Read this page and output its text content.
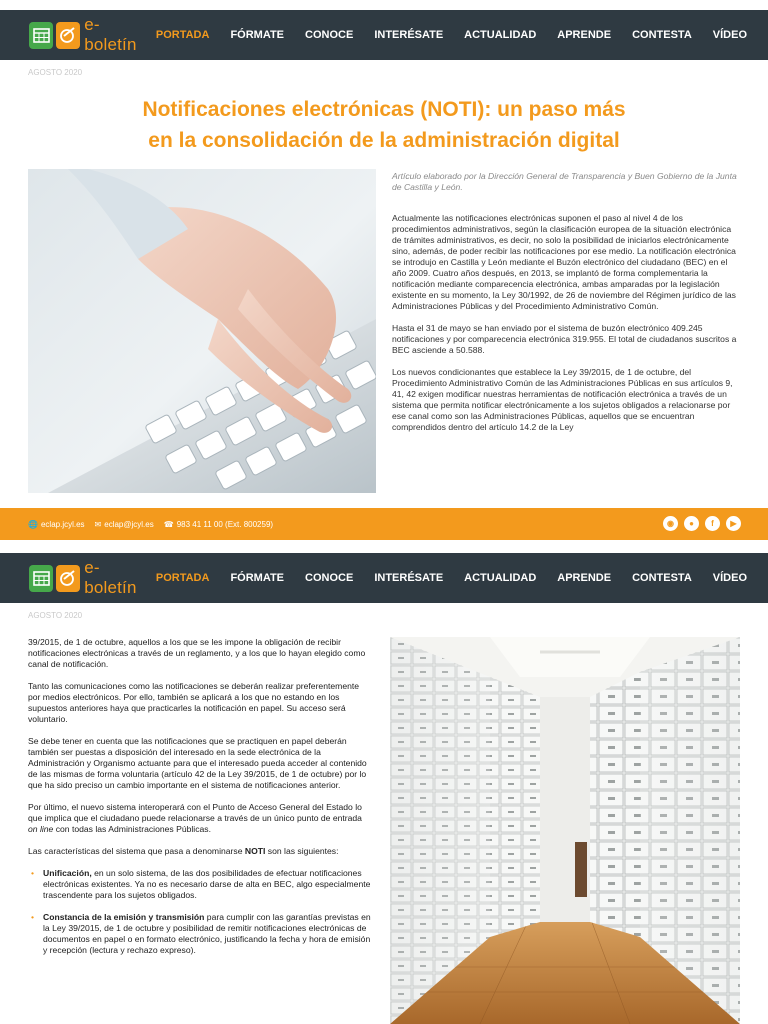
e-boletín	PORTADA FÓRMATE CONOCE INTERÉSATE ACTUALIDAD APRENDE CONTESTA VÍDEO
AGOSTO 2020
Notificaciones electrónicas (NOTI): un paso más
en la consolidación de la administración digital

Artículo elaborado por la Dirección General de Transparencia y Buen Gobierno de la Junta de Castilla y León.

Actualmente las notificaciones electrónicas suponen el paso al nivel 4 de los procedimientos administrativos, según la clasificación europea de la situación electrónica de trámites administrativos, es decir, no solo la posibilidad de iniciarlos electrónicamente sino, además, de poder recibir las notificaciones por ese medio. La notificación electrónica se introdujo en Castilla y León mediante el Buzón electrónico del ciudadano (BEC) en el año 2009. Cuatro años después, en 2013, se implantó de forma complementaria la notificación mediante comparecencia electrónica, ambas amparadas por la legislación existente en su momento, la Ley 30/1992, de 26 de noviembre del Régimen jurídico de las Administraciones Públicas y del Procedimiento Administrativo Común.

Hasta el 31 de mayo se han enviado por el sistema de buzón electrónico 409.245 notificaciones y por comparecencia electrónica 319.955. El total de ciudadanos suscritos a BEC asciende a 50.588.

Los nuevos condicionantes que establece la Ley 39/2015, de 1 de octubre, del Procedimiento Administrativo Común de las Administraciones Públicas en sus artículos 9, 41, 42 exigen modificar nuestras herramientas de notificación electrónica a través de un sistema que permita notificar electrónicamente a los sujetos obligados a relacionarse por ese canal como son las Administraciones Públicas, aquellos que se encuentran comprendidos dentro del artículo 14.2 de la Ley

🌐 eclap.jcyl.es ✉ eclap@jcyl.es ☎ 983 41 11 00 (Ext. 800259)	◉	●	f	▶
e-boletín	PORTADA FÓRMATE CONOCE INTERÉSATE ACTUALIDAD APRENDE CONTESTA VÍDEO
AGOSTO 2020

39/2015, de 1 de octubre, aquellos a los que se les impone la obligación de recibir notificaciones electrónicas a través de un reglamento, y a los que lo hayan elegido como canal de notificación.

Tanto las comunicaciones como las notificaciones se deberán realizar preferentemente por medios electrónicos. Por ello, también se aplicará a los que no estando en los supuestos anteriores haya que practicarles la notificación en papel. Su acceso será voluntario.

Se debe tener en cuenta que las notificaciones que se practiquen en papel deberán también ser puestas a disposición del interesado en la sede electrónica de la Administración y Organismo actuante para que el interesado pueda acceder al contenido de las mismas de forma voluntaria (artículo 42 de la Ley 39/2015, de 1 de octubre) por lo que ha sido preciso un cambio importante en el sistema de notificaciones anterior.

Por último, el nuevo sistema interoperará con el Punto de Acceso General del Estado lo que implica que el ciudadano puede relacionarse a través de un único punto de entrada on line con todas las Administraciones Públicas.

Las características del sistema que pasa a denominarse NOTI son las siguientes:

• Unificación, en un solo sistema, de las dos posibilidades de efectuar notificaciones electrónicas existentes. Ya no es necesario darse de alta en BEC, algo especialmente trascendente para los sujetos obligados.
• Constancia de la emisión y transmisión para cumplir con las garantías previstas en la Ley 39/2015, de 1 de octubre y posibilidad de remitir notificaciones electrónicas de documentos en papel o en formato electrónico, justificando la fecha y hora de emisión y recepción (lectura y rechazo expreso).
